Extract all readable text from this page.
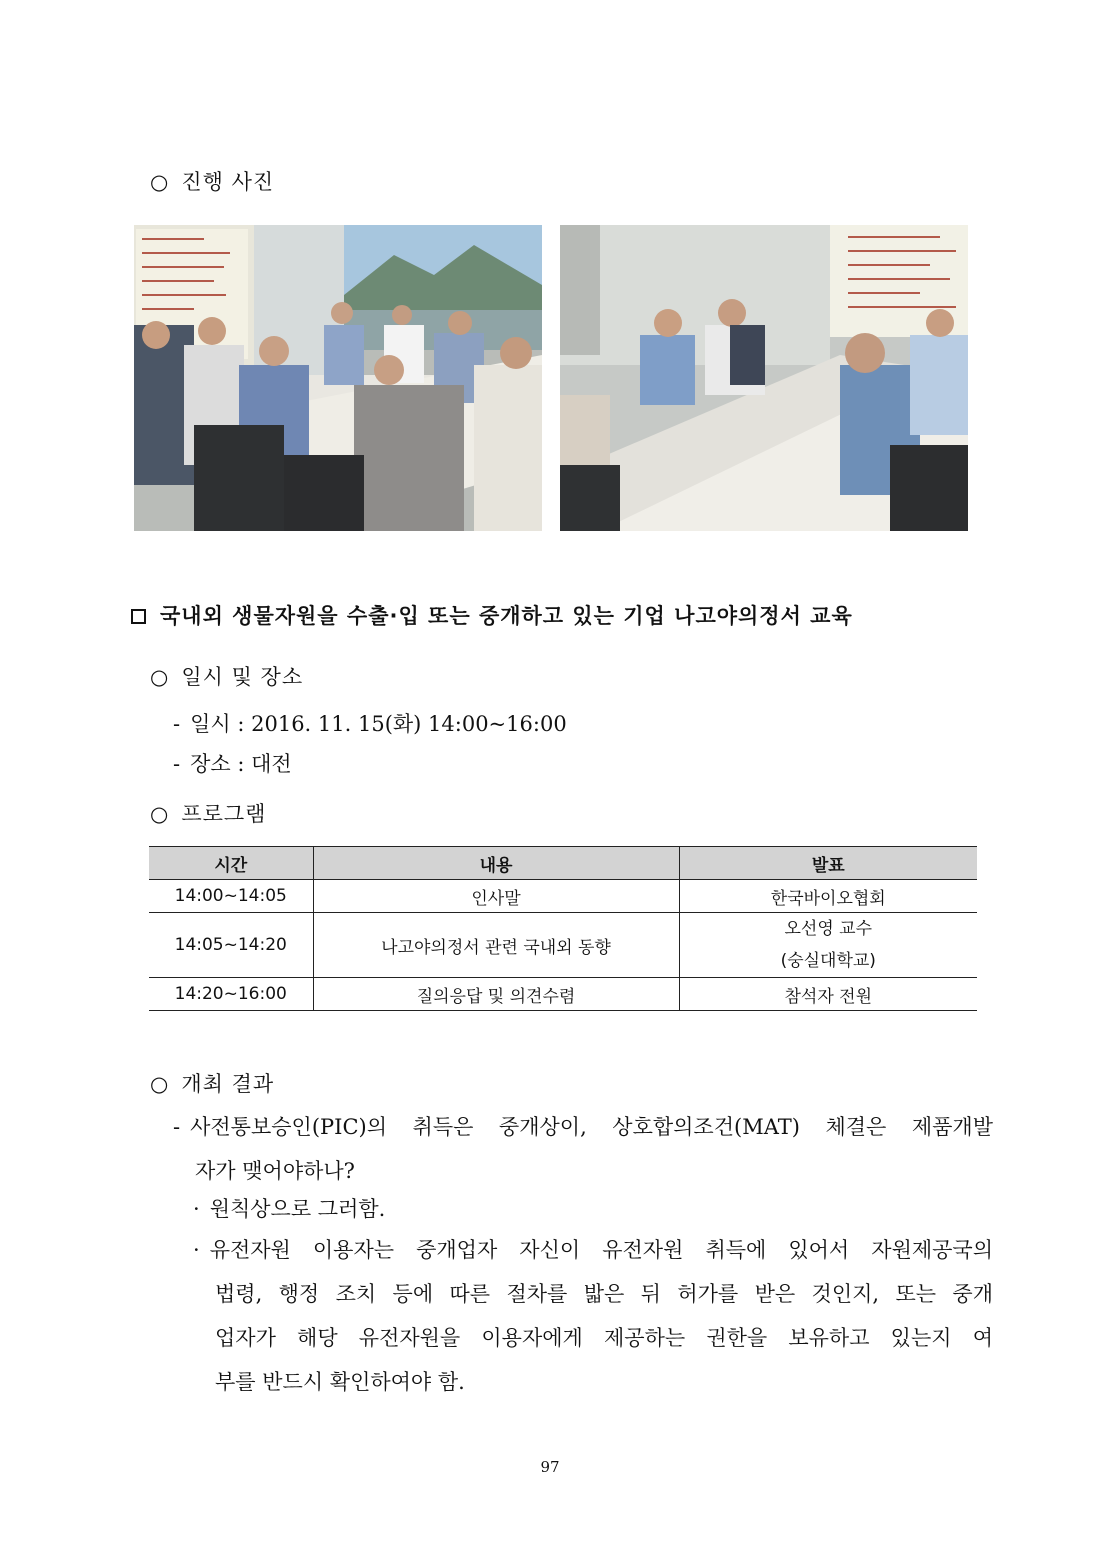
○ 진행 사진
국내외 생물자원을 수출·입 또는 중개하고 있는 기업 나고야의정서 교육
○ 일시 및 장소
- 일시 : 2016. 11. 15(화) 14:00~16:00
- 장소 : 대전
○ 프로그램
시간	내용	발표
14:00~14:05	인사말	한국바이오협회
14:05~14:20	나고야의정서 관련 국내외 동향	오선영 교수
(숭실대학교)

14:20~16:00	질의응답 및 의견수렴	참석자 전원
○ 개최 결과
- 사전통보승인(PIC)의 취득은 중개상이, 상호합의조건(MAT) 체결은 제품개발
자가 맺어야하나?
· 원칙상으로 그러함.
· 유전자원 이용자는 중개업자 자신이 유전자원 취득에 있어서 자원제공국의
법령, 행정 조치 등에 따른 절차를 밟은 뒤 허가를 받은 것인지, 또는 중개
업자가 해당 유전자원을 이용자에게 제공하는 권한을 보유하고 있는지 여
부를 반드시 확인하여야 함.
97
